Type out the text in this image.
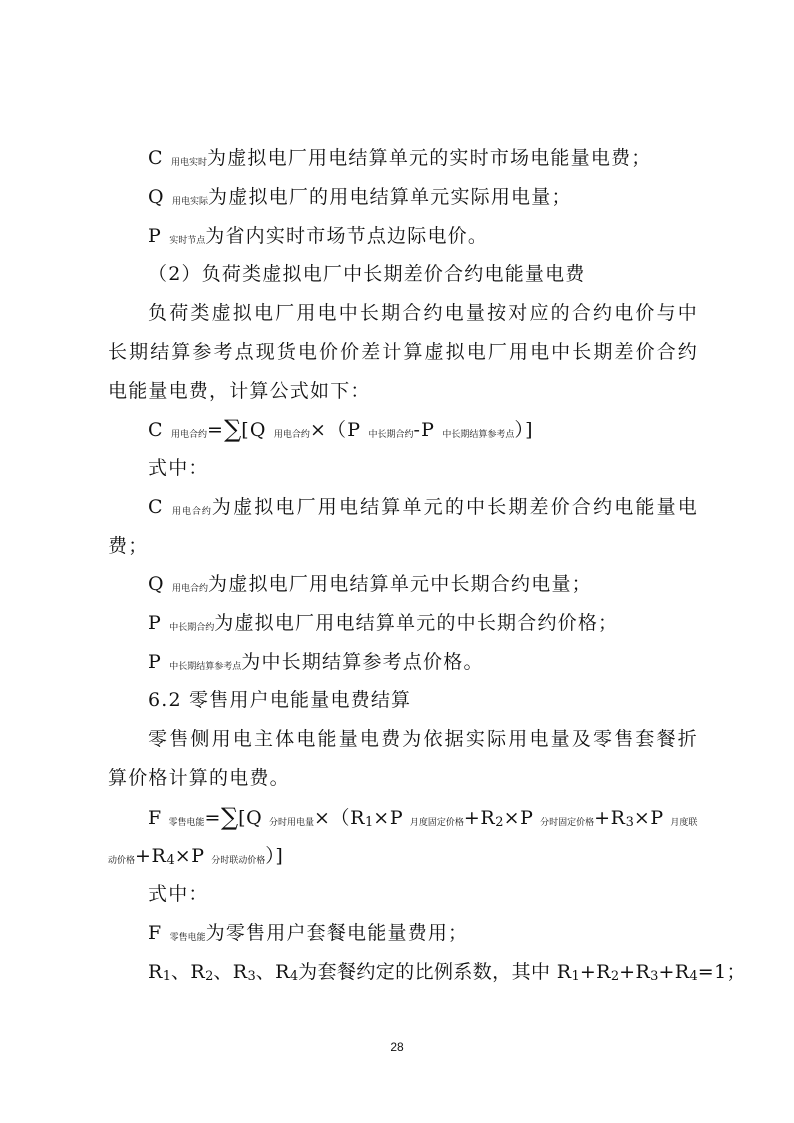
C 用电实时为虚拟电厂用电结算单元的实时市场电能量电费；
Q 用电实际为虚拟电厂的用电结算单元实际用电量；
P 实时节点为省内实时市场节点边际电价。
（2）负荷类虚拟电厂中长期差价合约电能量电费
负荷类虚拟电厂用电中长期合约电量按对应的合约电价与中
长期结算参考点现货电价价差计算虚拟电厂用电中长期差价合约
电能量电费，计算公式如下：
C 用电合约=∑[Q 用电合约×（P 中长期合约-P 中长期结算参考点）]
式中：
C 用电合约为虚拟电厂用电结算单元的中长期差价合约电能量电
费；
Q 用电合约为虚拟电厂用电结算单元中长期合约电量；
P 中长期合约为虚拟电厂用电结算单元的中长期合约价格；
P 中长期结算参考点为中长期结算参考点价格。
6.2 零售用户电能量电费结算
零售侧用电主体电能量电费为依据实际用电量及零售套餐折
算价格计算的电费。
F 零售电能=∑[Q 分时用电量×（R1×P 月度固定价格+R2×P 分时固定价格+R3×P 月度联
动价格+R4×P 分时联动价格）]
式中：
F 零售电能为零售用户套餐电能量费用；
R1、R2、R3、R4为套餐约定的比例系数，其中 R1+R2+R3+R4=1；
28
